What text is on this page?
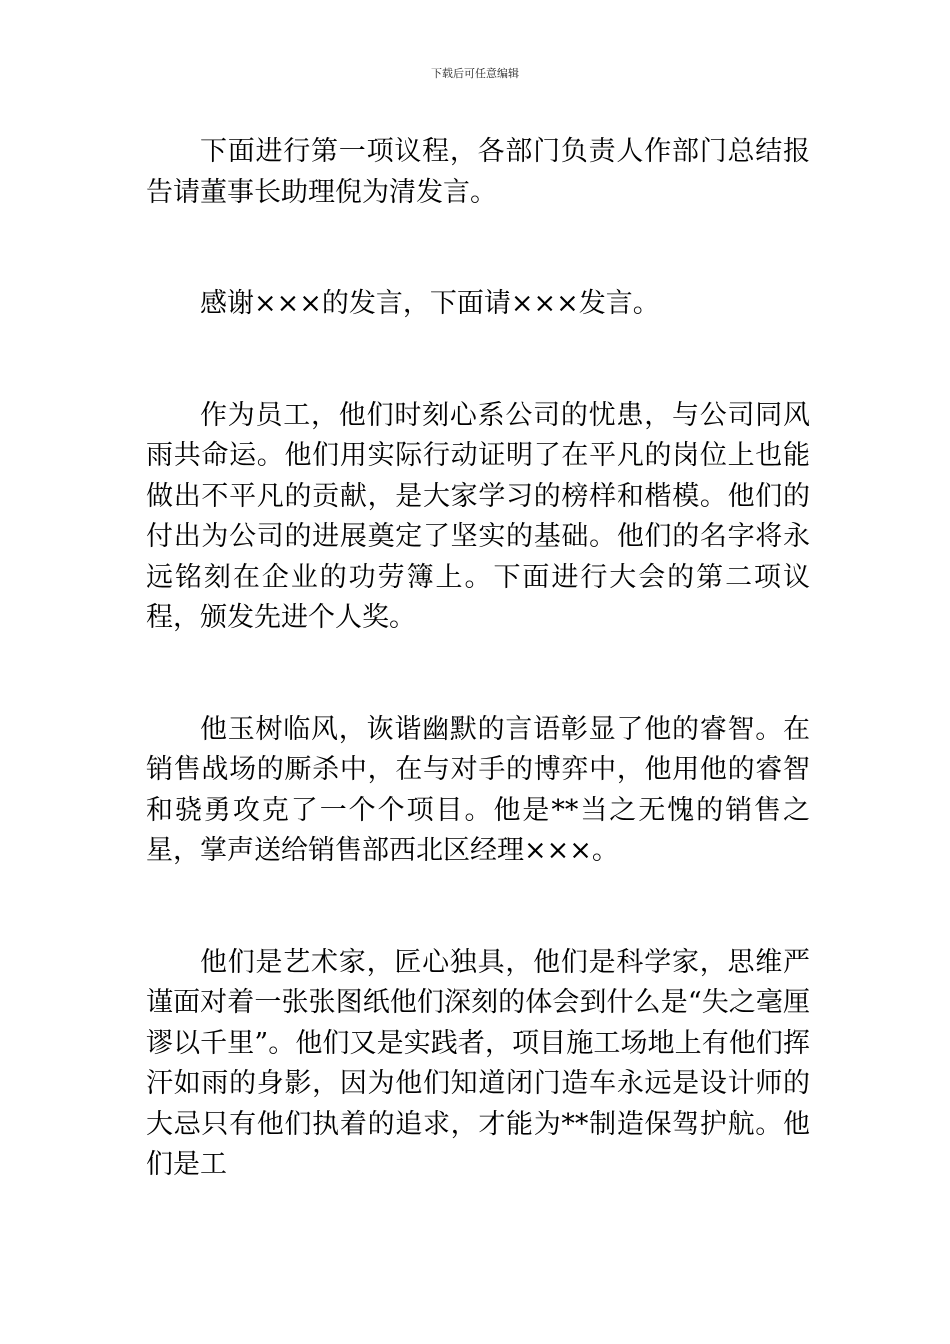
下载后可任意编辑

下面进行第一项议程，各部门负责人作部门总结报告请董事长助理倪为清发言。

感谢×××的发言，下面请×××发言。

作为员工，他们时刻心系公司的忧患，与公司同风雨共命运。他们用实际行动证明了在平凡的岗位上也能做出不平凡的贡献，是大家学习的榜样和楷模。他们的付出为公司的进展奠定了坚实的基础。他们的名字将永远铭刻在企业的功劳簿上。下面进行大会的第二项议程，颁发先进个人奖。

他玉树临风，诙谐幽默的言语彰显了他的睿智。在销售战场的厮杀中，在与对手的博弈中，他用他的睿智和骁勇攻克了一个个项目。他是**当之无愧的销售之星，掌声送给销售部西北区经理×××。

他们是艺术家，匠心独具，他们是科学家，思维严谨面对着一张张图纸他们深刻的体会到什么是“失之毫厘谬以千里”。他们又是实践者，项目施工场地上有他们挥汗如雨的身影，因为他们知道闭门造车永远是设计师的大忌只有他们执着的追求，才能为**制造保驾护航。他们是工
